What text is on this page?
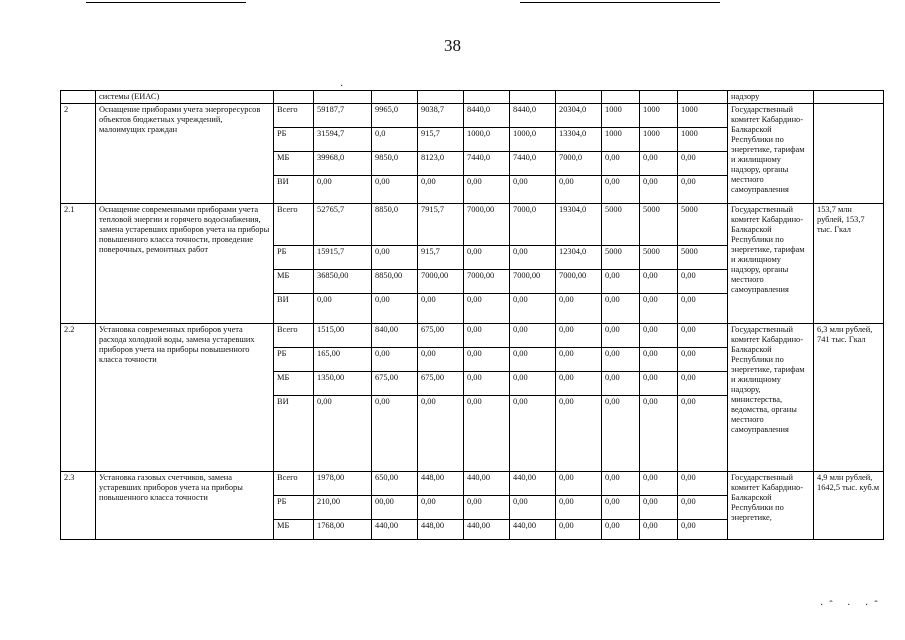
38
·
	системы (ЕИАС)											надзору	
2	Оснащение приборами учета энергоресурсов объектов бюджетных учреждений, малоимущих граждан	Всего	59187,7	9965,0	9038,7	8440,0	8440,0	20304,0	1000	1000	1000	Государственный комитет Кабардино-Балкарской Республики по энергетике, тарифам и жилищному надзору, органы местного самоуправления	
		РБ	31594,7	0,0	915,7	1000,0	1000,0	13304,0	1000	1000	1000		
		МБ	39968,0	9850,0	8123,0	7440,0	7440,0	7000,0	0,00	0,00	0,00		
		ВИ	0,00	0,00	0,00	0,00	0,00	0,00	0,00	0,00	0,00		
2.1	Оснащение современными приборами учета тепловой энергии и горячего водоснабжения, замена устаревших приборов учета на приборы повышенного класса точности, проведение поверочных, ремонтных работ	Всего	52765,7	8850,0	7915,7	7000,00	7000,0	19304,0	5000	5000	5000	Государственный комитет Кабардино-Балкарской Республики по энергетике, тарифам и жилищному надзору, органы местного самоуправления	153,7 млн рублей, 153,7 тыс. Гкал
		РБ	15915,7	0,00	915,7	0,00	0,00	12304,0	5000	5000	5000		
		МБ	36850,00	8850,00	7000,00	7000,00	7000,00	7000,00	0,00	0,00	0,00		
		ВИ	0,00	0,00	0,00	0,00	0,00	0,00	0,00	0,00	0,00		
2.2	Установка современных приборов учета расхода холодной воды, замена устаревших приборов учета на приборы повышенного класса точности	Всего	1515,00	840,00	675,00	0,00	0,00	0,00	0,00	0,00	0,00	Государственный комитет Кабардино-Балкарской Республики по энергетике, тарифам и жилищному надзору, министерства, ведомства, органы местного самоуправления	6,3 млн рублей, 741 тыс. Гкал
		РБ	165,00	0,00	0,00	0,00	0,00	0,00	0,00	0,00	0,00		
		МБ	1350,00	675,00	675,00	0,00	0,00	0,00	0,00	0,00	0,00		
		ВИ	0,00	0,00	0,00	0,00	0,00	0,00	0,00	0,00	0,00		
2.3	Установка газовых счетчиков, замена устаревших приборов учета на приборы повышенного класса точности	Всего	1978,00	650,00	448,00	440,00	440,00	0,00	0,00	0,00	0,00	Государственный комитет Кабардино-Балкарской Республики по энергетике,	4,9 млн рублей, 1642,5 тыс. куб.м
		РБ	210,00	00,00	0,00	0,00	0,00	0,00	0,00	0,00	0,00		
		МБ	1768,00	440,00	448,00	440,00	440,00	0,00	0,00	0,00	0,00		
·ˆ · ·ˆ
